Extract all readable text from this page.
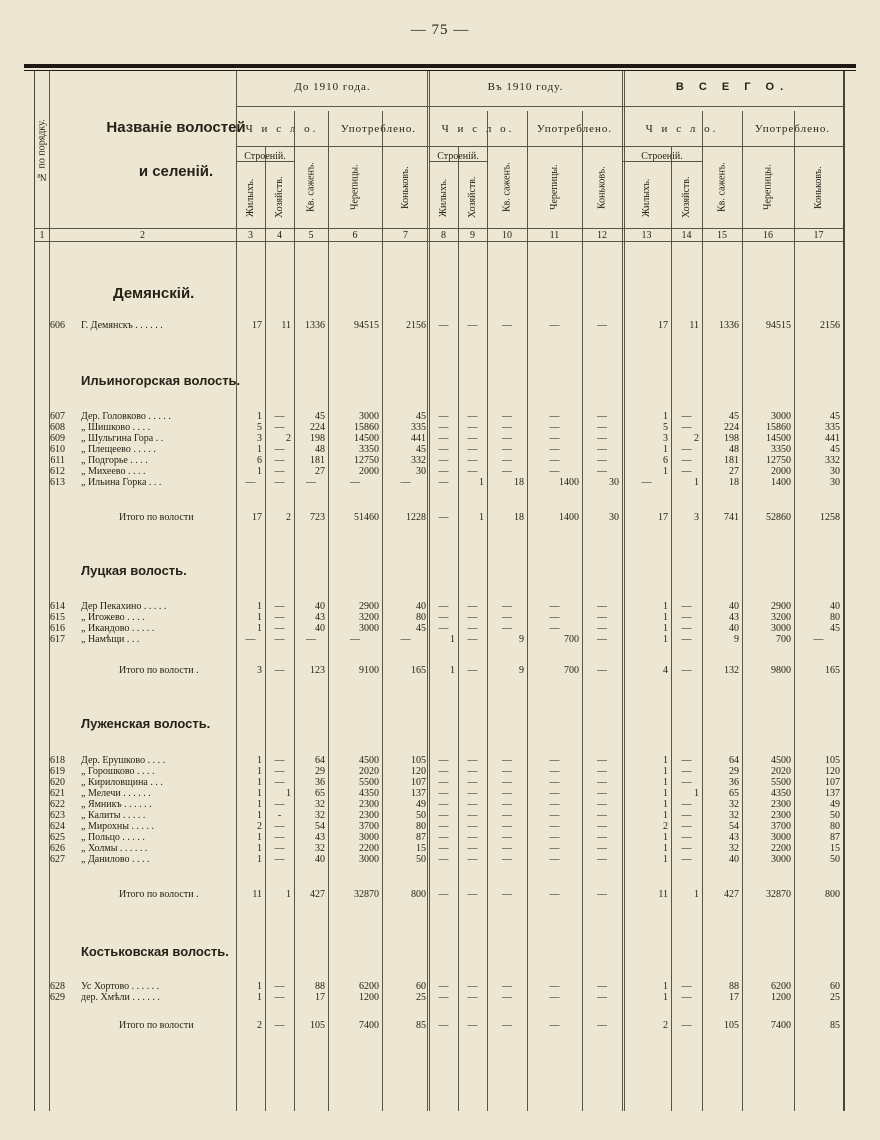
— 75 —
№ по порядку.	Названіе волостей
и селеній.
До 1910 года.	Въ 1910 году.	В С Е Г О.
Ч и с л о.	Употреблено.	Ч и с л о.	Употреблено.	Ч и с л о.	Употреблено.
Строеній.	Строеній.	Строеній.
Жилыхъ.	Хозяйств.	Кв. саженъ.	Черепицы.	Коньковъ.	Жилыхъ.	Хозяйств.	Кв. саженъ.	Черепицы.	Коньковъ.	Жилыхъ.	Хозяйств.	Кв. саженъ.	Черепицы.	Коньковъ.
1	2	3	4	5	6	7	8	9	10	11	12	13	14	15	16	17
Демянскій.
606 Г. Демянскъ . . . . . .	17	11	1336	94515	2156	—	—	—	—	—	17	11	1336	94515	2156
Ильиногорская волость.
607 Дер. Головково . . . . .	1	—	45	3000	45	—	—	—	—	—	1	—	45	3000	45
608 „ Шишково . . . .	5	—	224	15860	335	—	—	—	—	—	5	—	224	15860	335
609 „ Шульгина Гора . .	3	2	198	14500	441	—	—	—	—	—	3	2	198	14500	441
610 „ Плещеево . . . . .	1	—	48	3350	45	—	—	—	—	—	1	—	48	3350	45
611 „ Подгорье . . . .	6	—	181	12750	332	—	—	—	—	—	6	—	181	12750	332
612 „ Михеево . . . .	1	—	27	2000	30	—	—	—	—	—	1	—	27	2000	30
613 „ Ильина Горка . . .	—	—	—	—	—	—	1	18	1400	30	—	1	18	1400	30
Итого по волости	17	2	723	51460	1228	—	1	18	1400	30	17	3	741	52860	1258
Луцкая волость.
614 Дер Пекахино . . . . .	1	—	40	2900	40	—	—	—	—	—	1	—	40	2900	40
615 „ Игожево . . . .	1	—	43	3200	80	—	—	—	—	—	1	—	43	3200	80
616 „ Икандово . . . . .	1	—	40	3000	45	—	—	—	—	—	1	—	40	3000	45
617 „ Намѣщи . . .	—	—	—	—	—	1	—	9	700	—	1	—	9	700	—
Итого по волости .	3	—	123	9100	165	1	—	9	700	—	4	—	132	9800	165
Луженская волость.
618 Дер. Ерушково . . . .	1	—	64	4500	105	—	—	—	—	—	1	—	64	4500	105
619 „ Горошково . . . .	1	—	29	2020	120	—	—	—	—	—	1	—	29	2020	120
620 „ Кириловщина . . .	1	—	36	5500	107	—	—	—	—	—	1	—	36	5500	107
621 „ Мелечи . . . . . .	1	1	65	4350	137	—	—	—	—	—	1	1	65	4350	137
622 „ Ямникъ . . . . . .	1	—	32	2300	49	—	—	—	—	—	1	—	32	2300	49
623 „ Калиты . . . . .	1	-	32	2300	50	—	—	—	—	—	1	—	32	2300	50
624 „ Мирохны . . . . .	2	—	54	3700	80	—	—	—	—	—	2	—	54	3700	80
625 „ Польцо . . . . .	1	—	43	3000	87	—	—	—	—	—	1	—	43	3000	87
626 „ Холмы . . . . . .	1	—	32	2200	15	—	—	—	—	—	1	—	32	2200	15
627 „ Данилово . . . .	1	—	40	3000	50	—	—	—	—	—	1	—	40	3000	50
Итого по волости .	11	1	427	32870	800	—	—	—	—	—	11	1	427	32870	800
Костьковская волость.
628 Ус Хортово . . . . . .	1	—	88	6200	60	—	—	—	—	—	1	—	88	6200	60
629 дер. Хмѣли . . . . . .	1	—	17	1200	25	—	—	—	—	—	1	—	17	1200	25
Итого по волости	2	—	105	7400	85	—	—	—	—	—	2	—	105	7400	85
